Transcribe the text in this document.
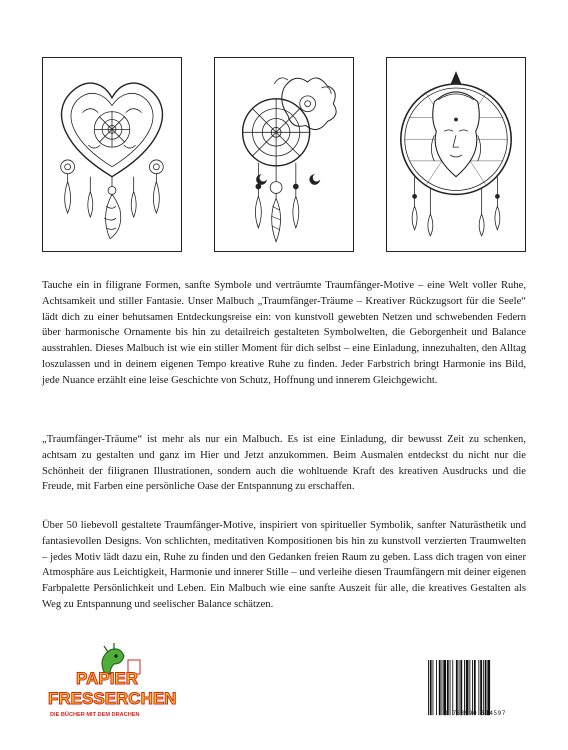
Tauche ein in filigrane Formen, sanfte Symbole und verträumte Traumfänger-Motive – eine Welt voller Ruhe, Achtsamkeit und stiller Fantasie. Unser Malbuch „Traumfänger-Träume – Kreativer Rückzugsort für die Seele“ lädt dich zu einer behutsamen Entdeckungsreise ein: von kunstvoll gewebten Netzen und schwebenden Federn über harmonische Ornamente bis hin zu detailreich gestalteten Symbolwelten, die Geborgenheit und Balance ausstrahlen. Dieses Malbuch ist wie ein stiller Moment für dich selbst – eine Einladung, innezuhalten, den Alltag loszulassen und in deinem eigenen Tempo kreative Ruhe zu finden. Jeder Farbstrich bringt Harmonie ins Bild, jede Nuance erzählt eine leise Geschichte von Schutz, Hoffnung und innerem Gleichgewicht.

„Traumfänger-Träume“ ist mehr als nur ein Malbuch. Es ist eine Einladung, dir bewusst Zeit zu schenken, achtsam zu gestalten und ganz im Hier und Jetzt anzukommen. Beim Ausmalen entdeckst du nicht nur die Schönheit der filigranen Illustrationen, sondern auch die wohltuende Kraft des kreativen Ausdrucks und die Freude, mit Farben eine persönliche Oase der Entspannung zu erschaffen.

Über 50 liebevoll gestaltete Traumfänger-Motive, inspiriert von spiritueller Symbolik, sanfter Naturästhetik und fantasievollen Designs. Von schlichten, meditativen Kompositionen bis hin zu kunstvoll verzierten Traumwelten – jedes Motiv lädt dazu ein, Ruhe zu finden und den Gedanken freien Raum zu geben. Lass dich tragen von einer Atmosphäre aus Leichtigkeit, Harmonie und innerer Stille – und verleihe diesen Traumfängern mit deiner eigenen Farbpalette Persönlichkeit und Leben. Ein Malbuch wie eine sanfte Auszeit für alle, die kreatives Gestalten als Weg zu Entspannung und seelischer Balance schätzen.

PAPIER
FRESSERCHEN
DIE BÜCHER MIT DEM DRACHEN	9 783990 514597
